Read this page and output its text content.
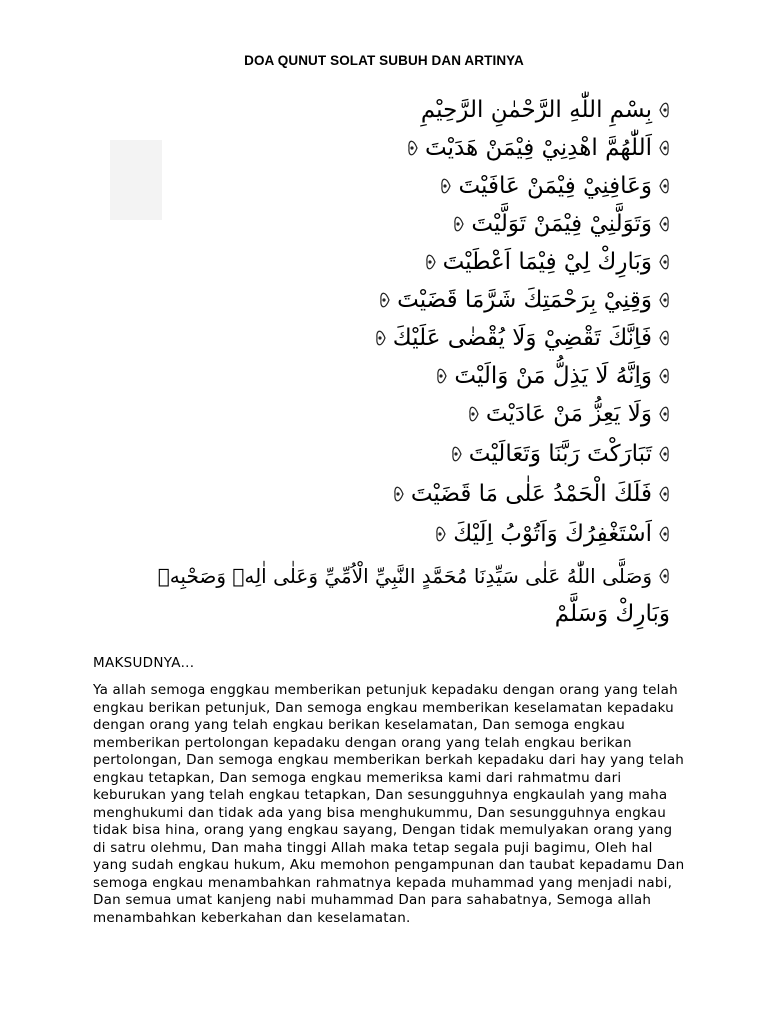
DOA QUNUT SOLAT SUBUH DAN ARTINYA
بِسْمِ اللّٰهِ الرَّحْمٰنِ الرَّحِيْمِ
اَللّٰهُمَّ اهْدِنِيْ فِيْمَنْ هَدَيْتَ
وَعَافِنِيْ فِيْمَنْ عَافَيْتَ
وَتَوَلَّنِيْ فِيْمَنْ تَوَلَّيْتَ
وَبَارِكْ لِيْ فِيْمَا اَعْطَيْتَ
وَقِنِيْ بِرَحْمَتِكَ شَرَّمَا قَضَيْتَ
فَاِنَّكَ تَقْضِيْ وَلَا يُقْضٰى عَلَيْكَ
وَاِنَّهُ لَا يَذِلُّ مَنْ وَالَيْتَ
وَلَا يَعِزُّ مَنْ عَادَيْتَ
تَبَارَكْتَ رَبَّنَا وَتَعَالَيْتَ
فَلَكَ الْحَمْدُ عَلٰى مَا قَضَيْتَ
اَسْتَغْفِرُكَ وَاَتُوْبُ اِلَيْكَ
وَصَلَّى اللّٰهُ عَلٰى سَيِّدِنَا مُحَمَّدٍ النَّبِيِّ الْاُمِّيِّ وَعَلٰى اٰلِهٖ وَصَحْبِهٖ
وَبَارِكْ وَسَلَّمْ
MAKSUDNYA...

Ya allah semoga enggkau memberikan petunjuk kepadaku dengan orang yang telah engkau berikan petunjuk, Dan semoga engkau memberikan keselamatan kepadaku dengan orang yang telah engkau berikan keselamatan, Dan semoga engkau memberikan pertolongan kepadaku dengan orang yang telah engkau berikan pertolongan, Dan semoga engkau memberikan berkah kepadaku dari hay yang telah engkau tetapkan, Dan semoga engkau memeriksa kami dari rahmatmu dari keburukan yang telah engkau tetapkan, Dan sesungguhnya engkaulah yang maha menghukumi dan tidak ada yang bisa menghukummu, Dan sesungguhnya engkau tidak bisa hina, orang yang engkau sayang, Dengan tidak memulyakan orang yang di satru olehmu, Dan maha tinggi Allah maka tetap segala puji bagimu, Oleh hal yang sudah engkau hukum, Aku memohon pengampunan dan taubat kepadamu Dan semoga engkau menambahkan rahmatnya kepada muhammad yang menjadi nabi, Dan semua umat kanjeng nabi muhammad Dan para sahabatnya, Semoga allah menambahkan keberkahan dan keselamatan.
